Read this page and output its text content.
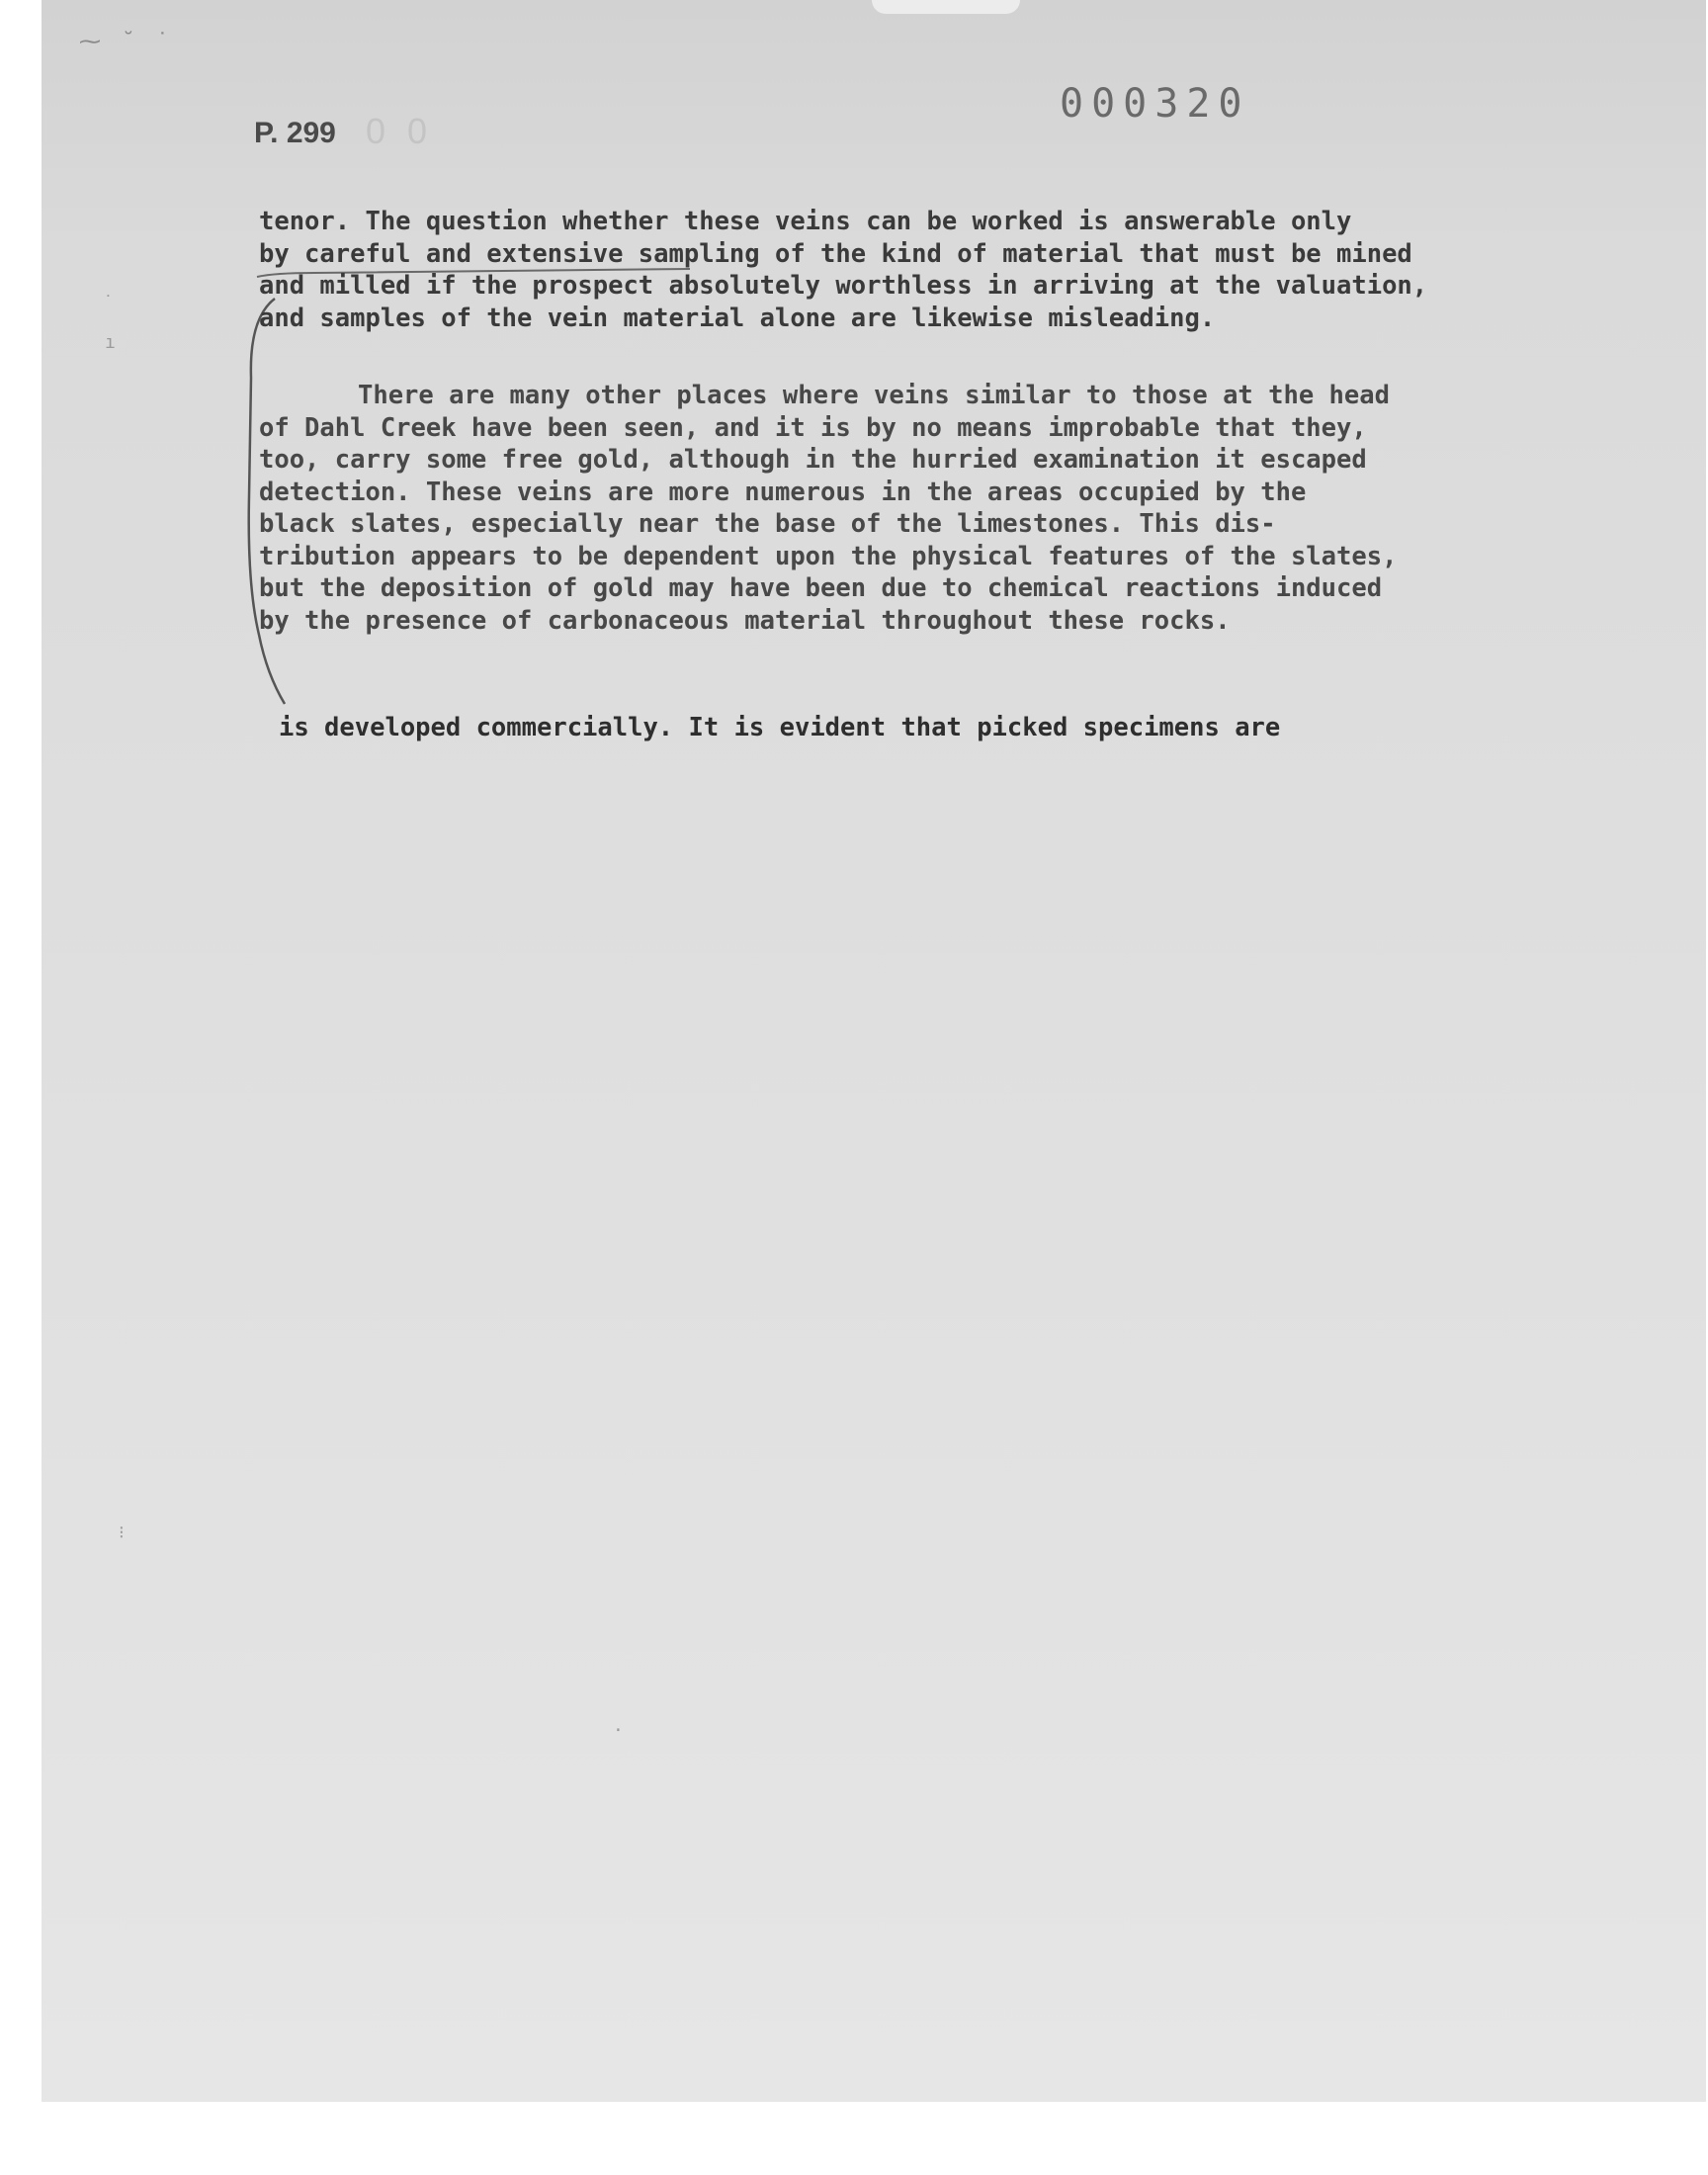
⁓ ˘ ˙
P. 299 0 0
000320
tenor. The question whether these veins can be worked is answerable only
by careful and extensive sampling of the kind of material that must be mined
and milled if the prospect absolutely worthless in arriving at the valuation,
and samples of the vein material alone are likewise misleading.
There are many other places where veins similar to those at the head
of Dahl Creek have been seen, and it is by no means improbable that they,
too, carry some free gold, although in the hurried examination it escaped
detection. These veins are more numerous in the areas occupied by the
black slates, especially near the base of the limestones. This dis-
tribution appears to be dependent upon the physical features of the slates,
but the deposition of gold may have been due to chemical reactions induced
by the presence of carbonaceous material throughout these rocks.
is developed commercially. It is evident that picked specimens are
˙
ı
⁝
·
